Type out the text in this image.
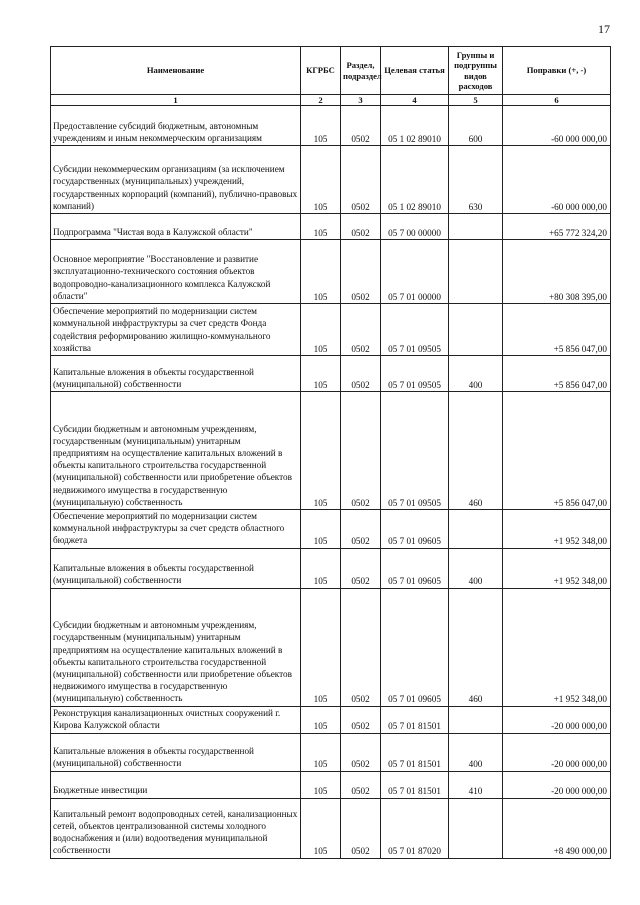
17
Наименование	КГРБС	Раздел, подраздел	Целевая статья	Группы и подгруппы видов расходов	Поправки (+, -)
1	2	3	4	5	6
Предоставление субсидий бюджетным, автономным учреждениям и иным некоммерческим организациям	105	0502	05 1 02 89010	600	-60 000 000,00
Субсидии некоммерческим организациям (за исключением государственных (муниципальных) учреждений, государственных корпораций (компаний), публично-правовых компаний)	105	0502	05 1 02 89010	630	-60 000 000,00
Подпрограмма "Чистая вода в Калужской области"	105	0502	05 7 00 00000		+65 772 324,20
Основное мероприятие "Восстановление и развитие эксплуатационно-технического состояния объектов водопроводно-канализационного комплекса Калужской области"	105	0502	05 7 01 00000		+80 308 395,00
Обеспечение мероприятий по модернизации систем коммунальной инфраструктуры за счет средств Фонда содействия реформированию жилищно-коммунального хозяйства	105	0502	05 7 01 09505		+5 856 047,00
Капитальные вложения в объекты государственной (муниципальной) собственности	105	0502	05 7 01 09505	400	+5 856 047,00
Субсидии бюджетным и автономным учреждениям, государственным (муниципальным) унитарным предприятиям на осуществление капитальных вложений в объекты капитального строительства государственной (муниципальной) собственности или приобретение объектов недвижимого имущества в государственную (муниципальную) собственность	105	0502	05 7 01 09505	460	+5 856 047,00
Обеспечение мероприятий по модернизации систем коммунальной инфраструктуры за счет средств областного бюджета	105	0502	05 7 01 09605		+1 952 348,00
Капитальные вложения в объекты государственной (муниципальной) собственности	105	0502	05 7 01 09605	400	+1 952 348,00
Субсидии бюджетным и автономным учреждениям, государственным (муниципальным) унитарным предприятиям на осуществление капитальных вложений в объекты капитального строительства государственной (муниципальной) собственности или приобретение объектов недвижимого имущества в государственную (муниципальную) собственность	105	0502	05 7 01 09605	460	+1 952 348,00
Реконструкция канализационных очистных сооружений г. Кирова Калужской области	105	0502	05 7 01 81501		-20 000 000,00
Капитальные вложения в объекты государственной (муниципальной) собственности	105	0502	05 7 01 81501	400	-20 000 000,00
Бюджетные инвестиции	105	0502	05 7 01 81501	410	-20 000 000,00
Капитальный ремонт водопроводных сетей, канализационных сетей, объектов централизованной системы холодного водоснабжения и (или) водоотведения муниципальной собственности	105	0502	05 7 01 87020		+8 490 000,00
